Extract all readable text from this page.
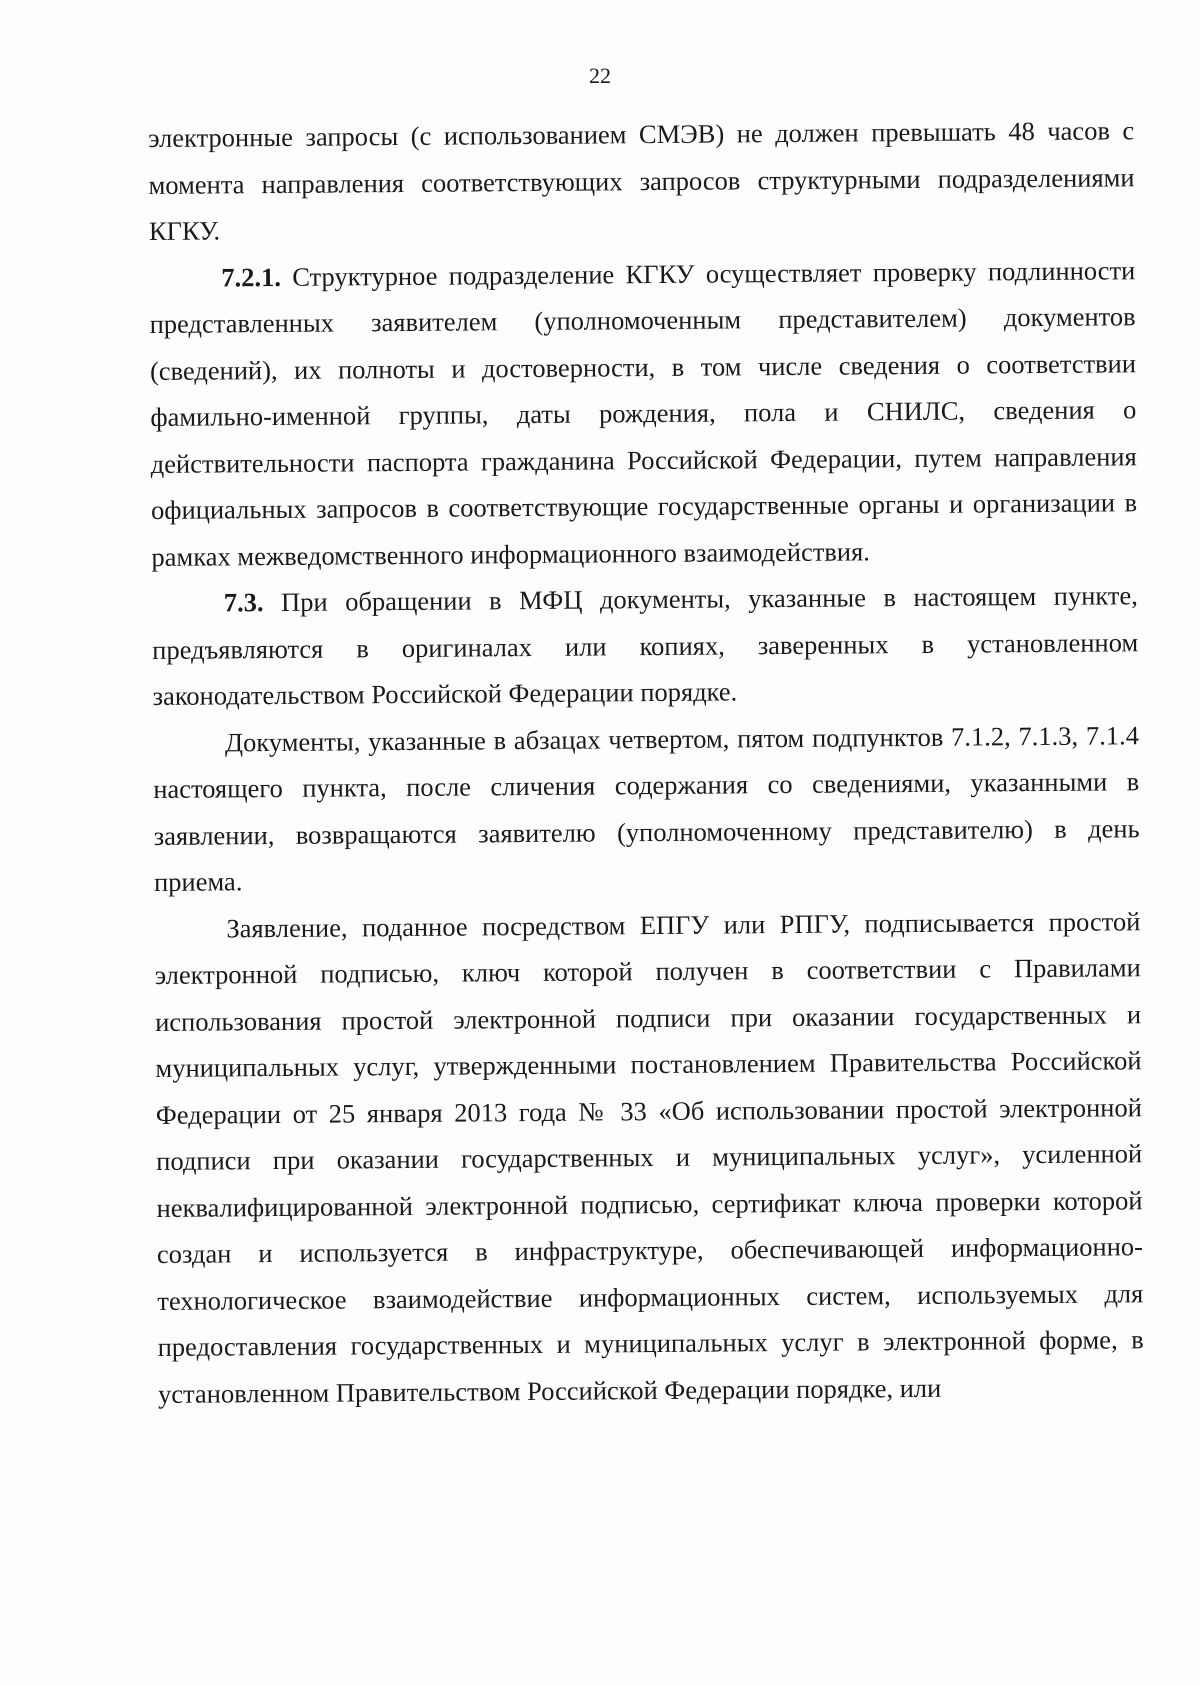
22

электронные запросы (с использованием СМЭВ) не должен превышать 48 часов с момента направления соответствующих запросов структурными подразделениями КГКУ.

7.2.1. Структурное подразделение КГКУ осуществляет проверку подлинности представленных заявителем (уполномоченным представителем) документов (сведений), их полноты и достоверности, в том числе сведения о соответствии фамильно-именной группы, даты рождения, пола и СНИЛС, сведения о действительности паспорта гражданина Российской Федерации, путем направления официальных запросов в соответствующие государственные органы и организации в рамках межведомственного информационного взаимодействия.

7.3. При обращении в МФЦ документы, указанные в настоящем пункте, предъявляются в оригиналах или копиях, заверенных в установленном законодательством Российской Федерации порядке.

Документы, указанные в абзацах четвертом, пятом подпунктов 7.1.2, 7.1.3, 7.1.4 настоящего пункта, после сличения содержания со сведениями, указанными в заявлении, возвращаются заявителю (уполномоченному представителю) в день приема.

Заявление, поданное посредством ЕПГУ или РПГУ, подписывается простой электронной подписью, ключ которой получен в соответствии с Правилами использования простой электронной подписи при оказании государственных и муниципальных услуг, утвержденными постановлением Правительства Российской Федерации от 25 января 2013 года № 33 «Об использовании простой электронной подписи при оказании государственных и муниципальных услуг», усиленной неквалифицированной электронной подписью, сертификат ключа проверки которой создан и используется в инфраструктуре, обеспечивающей информационно-технологическое взаимодействие информационных систем, используемых для предоставления государственных и муниципальных услуг в электронной форме, в установленном Правительством Российской Федерации порядке, или
